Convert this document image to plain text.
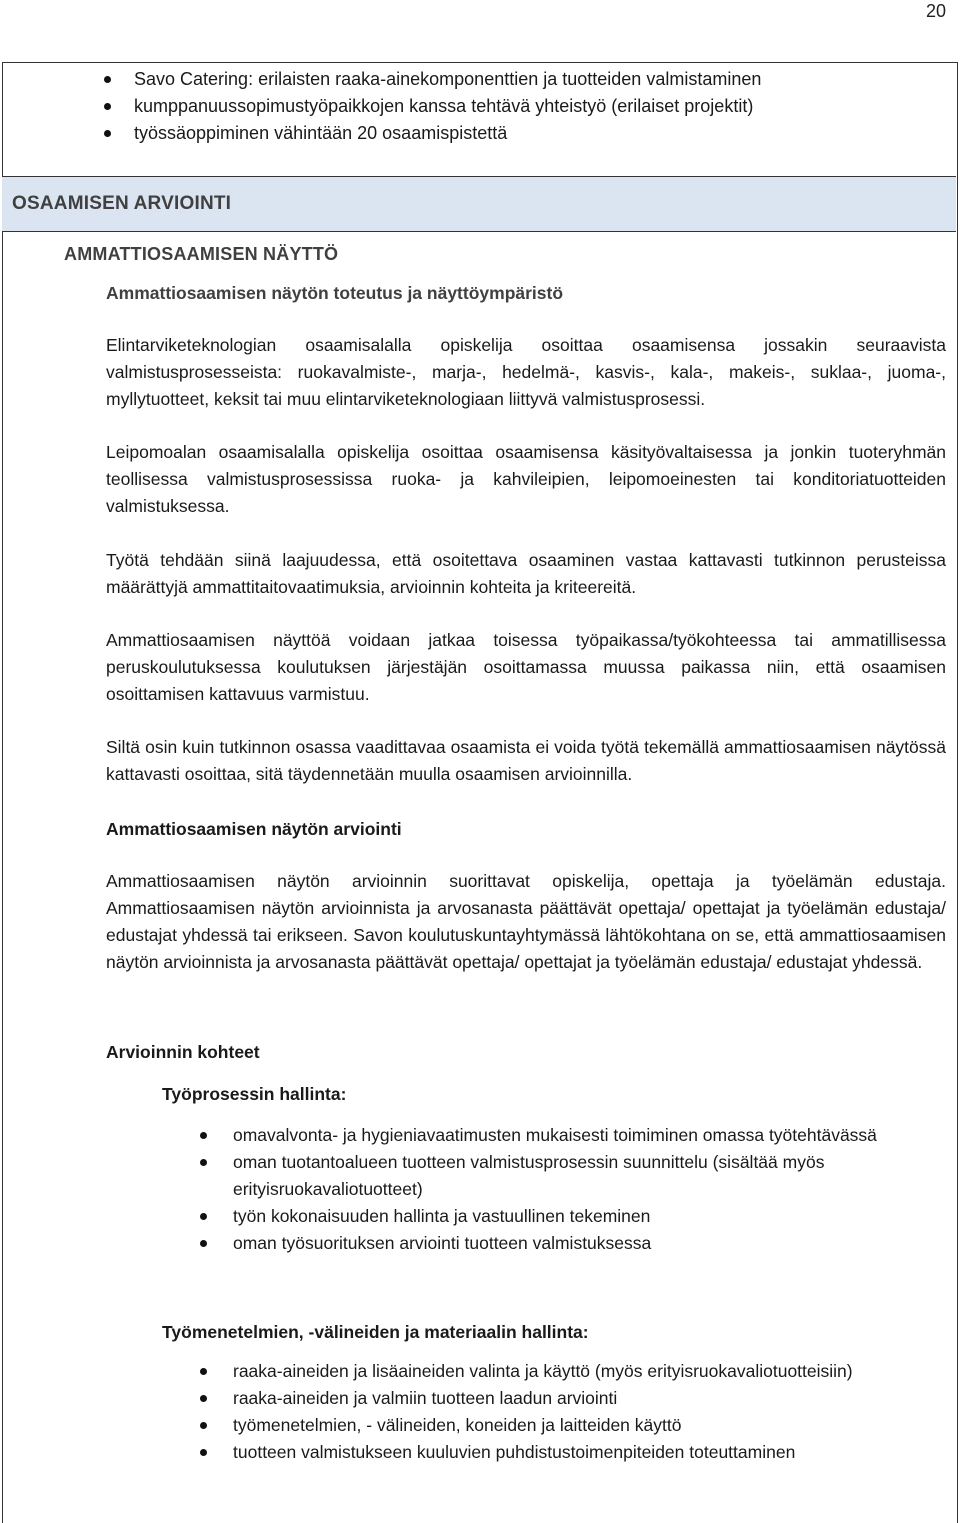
20
Savo Catering: erilaisten raaka-ainekomponenttien ja tuotteiden valmistaminen
kumppanuussopimustyöpaikkojen kanssa tehtävä yhteistyö (erilaiset projektit)
työssäoppiminen vähintään 20 osaamispistettä
OSAAMISEN ARVIOINTI
AMMATTIOSAAMISEN NÄYTTÖ
Ammattiosaamisen näytön toteutus ja näyttöympäristö

Elintarviketeknologian osaamisalalla opiskelija osoittaa osaamisensa jossakin seuraavista valmistusprosesseista: ruokavalmiste-, marja-, hedelmä-, kasvis-, kala-, makeis-, suklaa-, juoma-, myllytuotteet, keksit tai muu elintarviketeknologiaan liittyvä valmistusprosessi.

Leipomoalan osaamisalalla opiskelija osoittaa osaamisensa käsityövaltaisessa ja jonkin tuoteryhmän teollisessa valmistusprosessissa ruoka- ja kahvileipien, leipomoeinesten tai konditoriatuotteiden valmistuksessa.

Työtä tehdään siinä laajuudessa, että osoitettava osaaminen vastaa kattavasti tutkinnon perusteissa määrättyjä ammattitaitovaatimuksia, arvioinnin kohteita ja kriteereitä.

Ammattiosaamisen näyttöä voidaan jatkaa toisessa työpaikassa/työkohteessa tai ammatillisessa peruskoulutuksessa koulutuksen järjestäjän osoittamassa muussa paikassa niin, että osaamisen osoittamisen kattavuus varmistuu.

Siltä osin kuin tutkinnon osassa vaadittavaa osaamista ei voida työtä tekemällä ammattiosaamisen näytössä kattavasti osoittaa, sitä täydennetään muulla osaamisen arvioinnilla.

Ammattiosaamisen näytön arviointi

Ammattiosaamisen näytön arvioinnin suorittavat opiskelija, opettaja ja työelämän edustaja. Ammattiosaamisen näytön arvioinnista ja arvosanasta päättävät opettaja/ opettajat ja työelämän edustaja/ edustajat yhdessä tai erikseen. Savon koulutuskuntayhtymässä lähtökohtana on se, että ammattiosaamisen näytön arvioinnista ja arvosanasta päättävät opettaja/ opettajat ja työelämän edustaja/ edustajat yhdessä.

Arvioinnin kohteet
Työprosessin hallinta:
omavalvonta- ja hygieniavaatimusten mukaisesti toimiminen omassa työtehtävässä
oman tuotantoalueen tuotteen valmistusprosessin suunnittelu (sisältää myös erityisruokavaliotuotteet)
työn kokonaisuuden hallinta ja vastuullinen tekeminen
oman työsuorituksen arviointi tuotteen valmistuksessa
Työmenetelmien, -välineiden ja materiaalin hallinta:
raaka-aineiden ja lisäaineiden valinta ja käyttö (myös erityisruokavaliotuotteisiin)
raaka-aineiden ja valmiin tuotteen laadun arviointi
työmenetelmien, - välineiden, koneiden ja laitteiden käyttö
tuotteen valmistukseen kuuluvien puhdistustoimenpiteiden toteuttaminen
